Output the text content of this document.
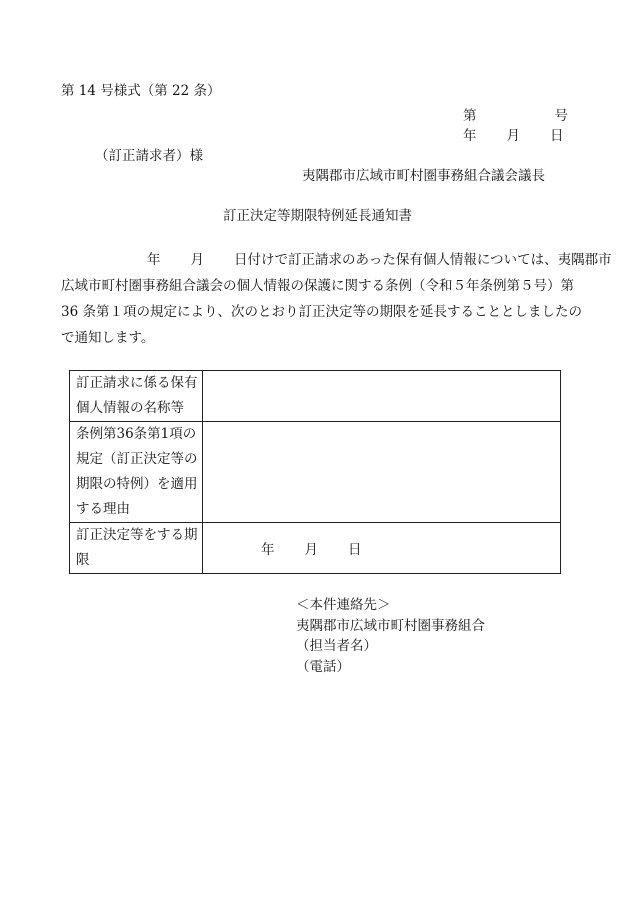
第 14 号様式（第 22 条）
第	号
年 月 日
（訂正請求者）様
夷隅郡市広域市町村圏事務組合議会議長
訂正決定等期限特例延長通知書

年 月 日付けで訂正請求のあった保有個人情報については、夷隅郡市

広域市町村圏事務組合議会の個人情報の保護に関する条例（令和５年条例第５号）第

36 条第１項の規定により、次のとおり訂正決定等の期限を延長することとしましたの

で通知します。

訂正請求に係る保有
個人情報の名称等	

条例第36条第1項の
規定（訂正決定等の
期限の特例）を適用
する理由	

訂正決定等をする期
限	年 月 日
＜本件連絡先＞
夷隅郡市広域市町村圏事務組合
（担当者名）
（電話）
